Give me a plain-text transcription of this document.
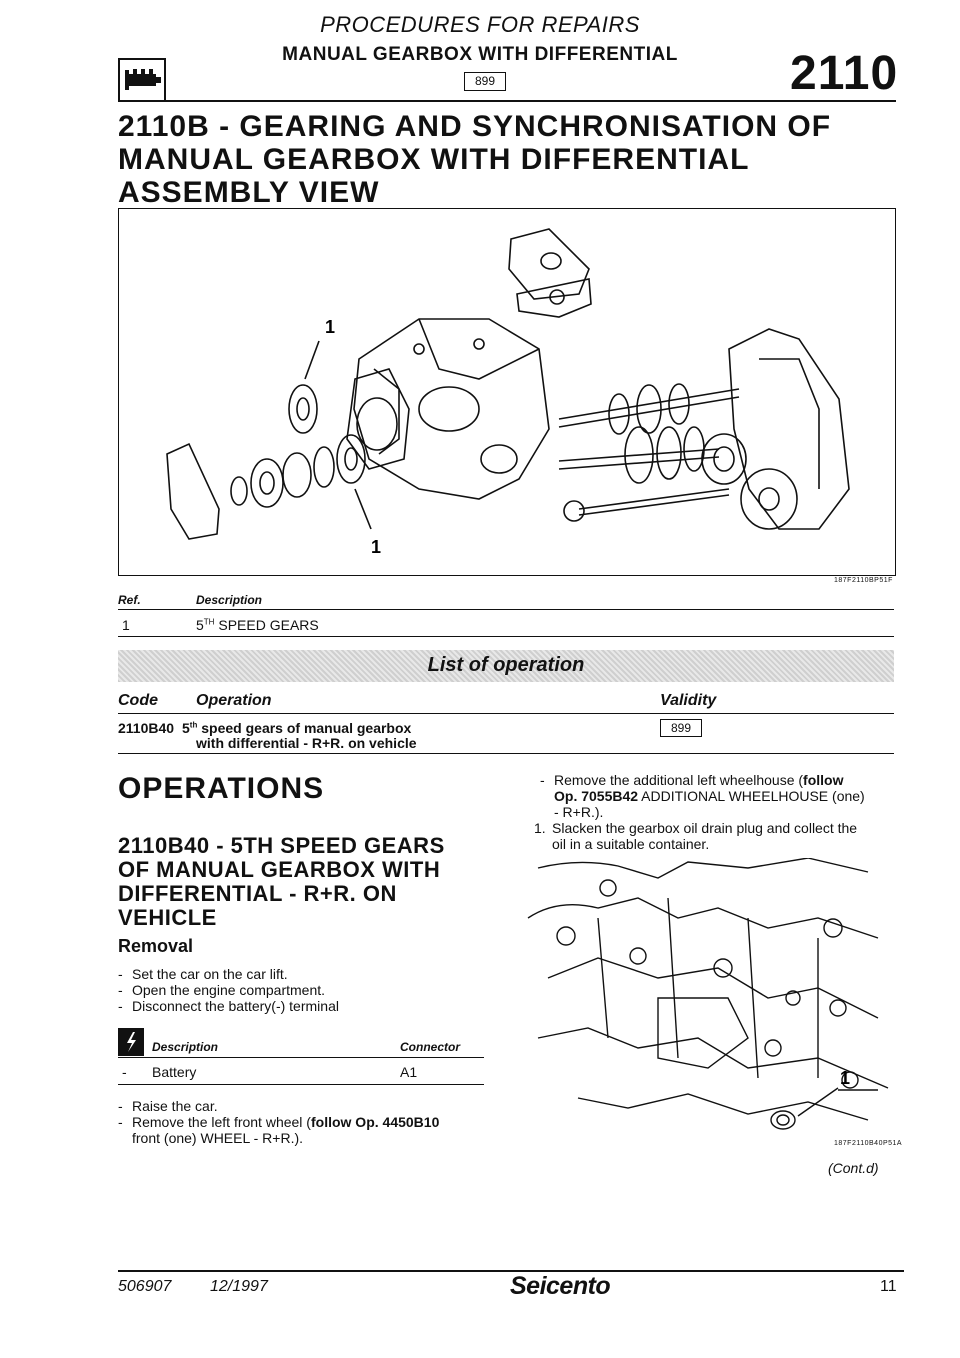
PROCEDURES FOR REPAIRS
MANUAL GEARBOX WITH DIFFERENTIAL
899	2110
2110B - GEARING AND SYNCHRONISATION OF
MANUAL GEARBOX WITH DIFFERENTIAL
ASSEMBLY VIEW
1
1
187F2110BP51F
Ref.	Description
1	5TH SPEED GEARS
List of operation
Code Operation	Validity
2110B40 5th speed gears of manual gearbox
with differential - R+R. on vehicle
899
OPERATIONS
2110B40 - 5TH SPEED GEARS
OF MANUAL GEARBOX WITH
DIFFERENTIAL - R+R. ON
VEHICLE
Removal
- Set the car on the car lift.
- Open the engine compartment.
- Disconnect the battery(-) terminal
Description	Connector
- Battery	A1
- Raise the car.
- Remove the left front wheel (follow Op. 4450B10
front (one) WHEEL - R+R.).
- Remove the additional left wheelhouse (follow
Op. 7055B42 ADDITIONAL WHEELHOUSE (one)
- R+R.).
1. Slacken the gearbox oil drain plug and collect the
oil in a suitable container.
1
187F2110B40P51A
(Cont.d)
506907 12/1997	Seicento	11
